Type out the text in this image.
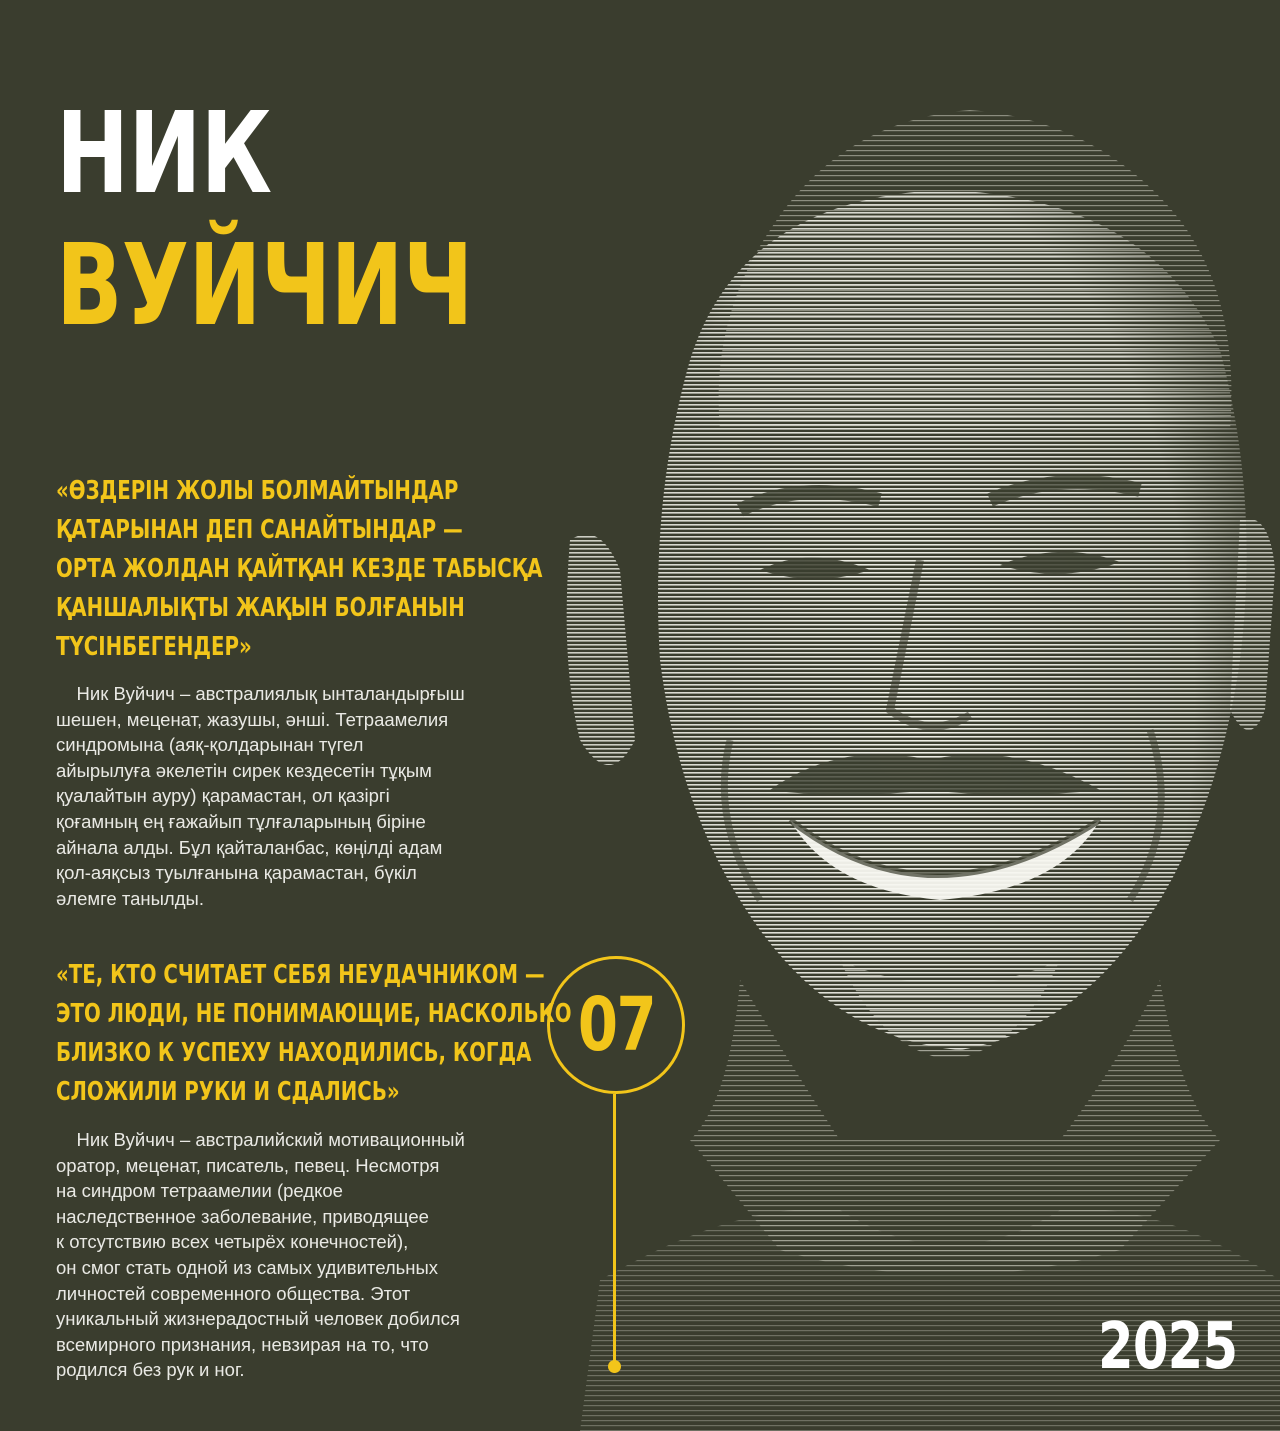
НИК
ВУЙЧИЧ
«ӨЗДЕРІН ЖОЛЫ БОЛМАЙТЫНДАР
ҚАТАРЫНАН ДЕП САНАЙТЫНДАР —
ОРТА ЖОЛДАН ҚАЙТҚАН КЕЗДЕ ТАБЫСҚА
ҚАНШАЛЫҚТЫ ЖАҚЫН БОЛҒАНЫН
ТҮСІНБЕГЕНДЕР»
Ник Вуйчич – австралиялық ынталандырғыш
шешен, меценат, жазушы, әнші. Тетраамелия
синдромына (аяқ-қолдарынан түгел
айырылуға әкелетін сирек кездесетін тұқым
қуалайтын ауру) қарамастан, ол қазіргі
қоғамның ең ғажайып тұлғаларының біріне
айнала алды. Бұл қайталанбас, көңілді адам
қол-аяқсыз туылғанына қарамастан, бүкіл
әлемге танылды.
«ТЕ, КТО СЧИТАЕТ СЕБЯ НЕУДАЧНИКОМ —
ЭТО ЛЮДИ, НЕ ПОНИМАЮЩИЕ, НАСКОЛЬКО
БЛИЗКО К УСПЕХУ НАХОДИЛИСЬ, КОГДА
СЛОЖИЛИ РУКИ И СДАЛИСЬ»
Ник Вуйчич – австралийский мотивационный
оратор, меценат, писатель, певец. Несмотря
на синдром тетраамелии (редкое
наследственное заболевание, приводящее
к отсутствию всех четырёх конечностей),
он смог стать одной из самых удивительных
личностей современного общества. Этот
уникальный жизнерадостный человек добился
всемирного признания, невзирая на то, что
родился без рук и ног.
07
2025
